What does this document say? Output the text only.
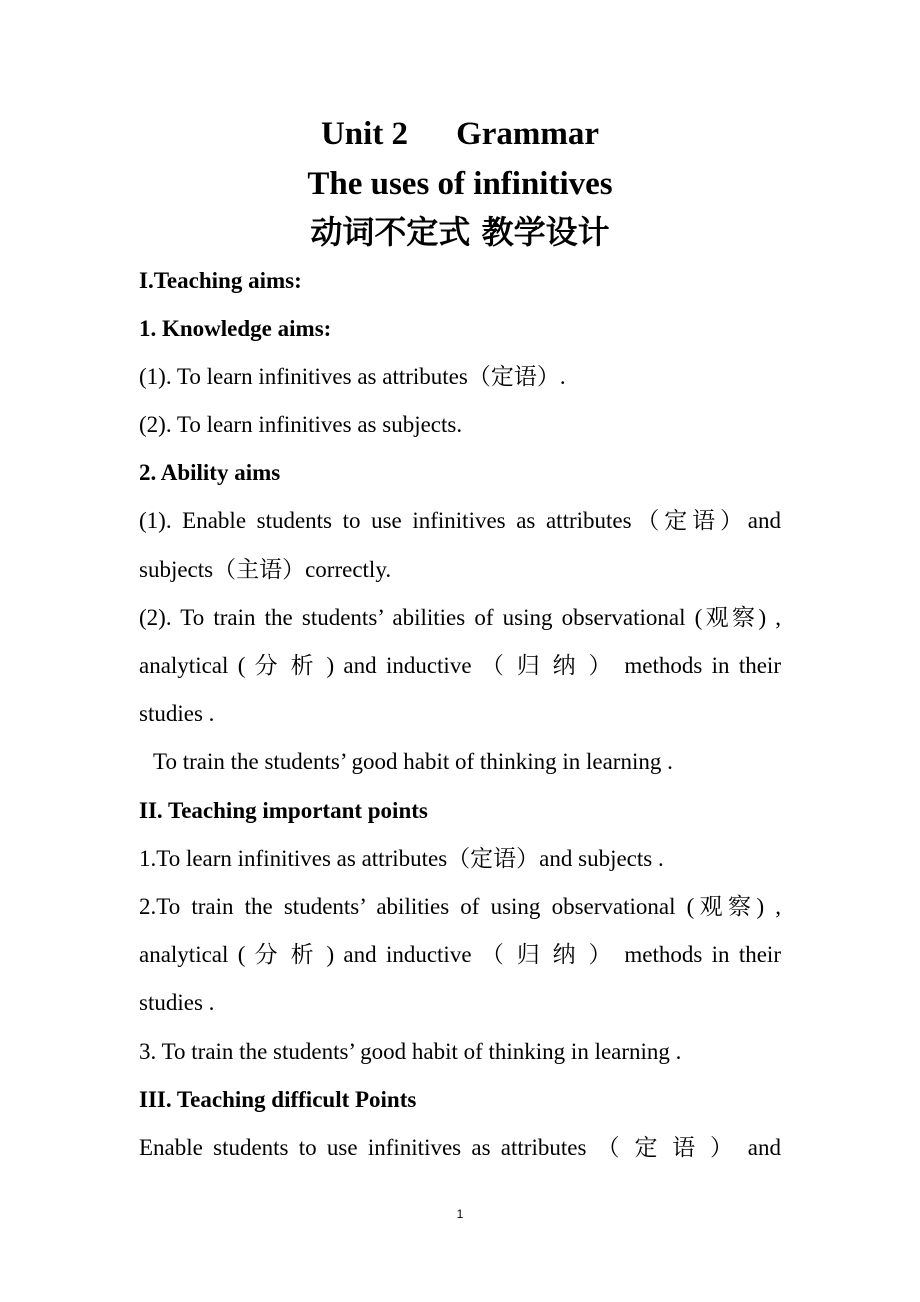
Unit 2 Grammar
The uses of infinitives
动词不定式 教学设计
I.Teaching aims:
1. Knowledge aims:
(1). To learn infinitives as attributes（定语）.
(2). To learn infinitives as subjects.
2. Ability aims
(1). Enable students to use infinitives as attributes（定语）and
subjects（主语）correctly.
(2). To train the students’ abilities of using observational (观察) ,
analytical ( 分 析 ) and inductive （ 归 纳 ） methods in their
studies .
To train the students’ good habit of thinking in learning .
II. Teaching important points
1.To learn infinitives as attributes（定语）and subjects .
2.To train the students’ abilities of using observational (观察) ,
analytical ( 分 析 ) and inductive （ 归 纳 ） methods in their
studies .
3. To train the students’ good habit of thinking in learning .
III. Teaching difficult Points
Enable students to use infinitives as attributes （ 定 语 ） and
1
